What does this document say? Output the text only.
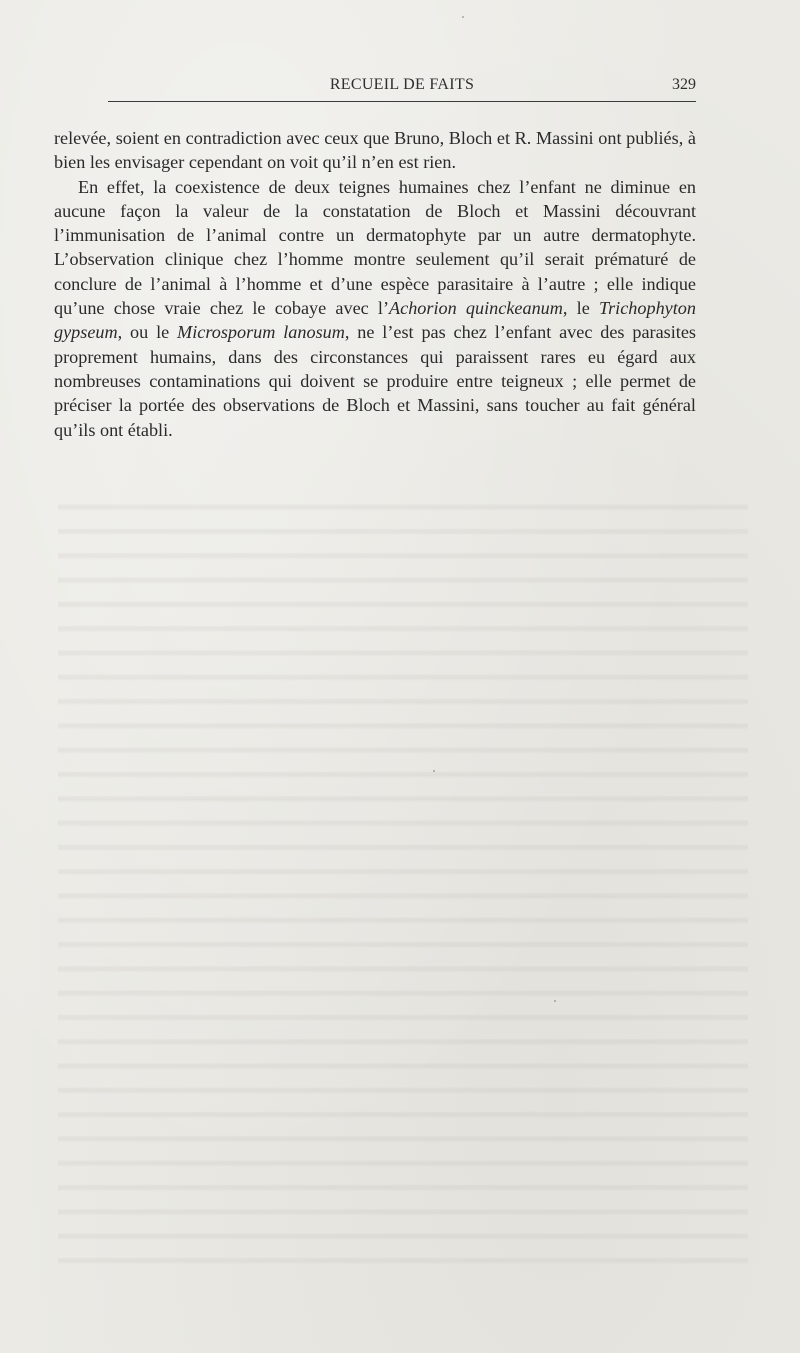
RECUEIL DE FAITS	329

relevée, soient en contradiction avec ceux que Bruno, Bloch et R. Massini ont publiés, à bien les envisager cependant on voit qu’il n’en est rien.

En effet, la coexistence de deux teignes humaines chez l’enfant ne diminue en aucune façon la valeur de la constatation de Bloch et Massini découvrant l’immunisation de l’animal contre un dermatophyte par un autre dermatophyte. L’observation clinique chez l’homme montre seulement qu’il serait prématuré de conclure de l’animal à l’homme et d’une espèce parasitaire à l’autre ; elle indique qu’une chose vraie chez le cobaye avec l’Achorion quinckeanum, le Trichophyton gypseum, ou le Microsporum lanosum, ne l’est pas chez l’enfant avec des parasites proprement humains, dans des circonstances qui paraissent rares eu égard aux nombreuses contaminations qui doivent se produire entre teigneux ; elle permet de préciser la portée des observations de Bloch et Massini, sans toucher au fait général qu’ils ont établi.
